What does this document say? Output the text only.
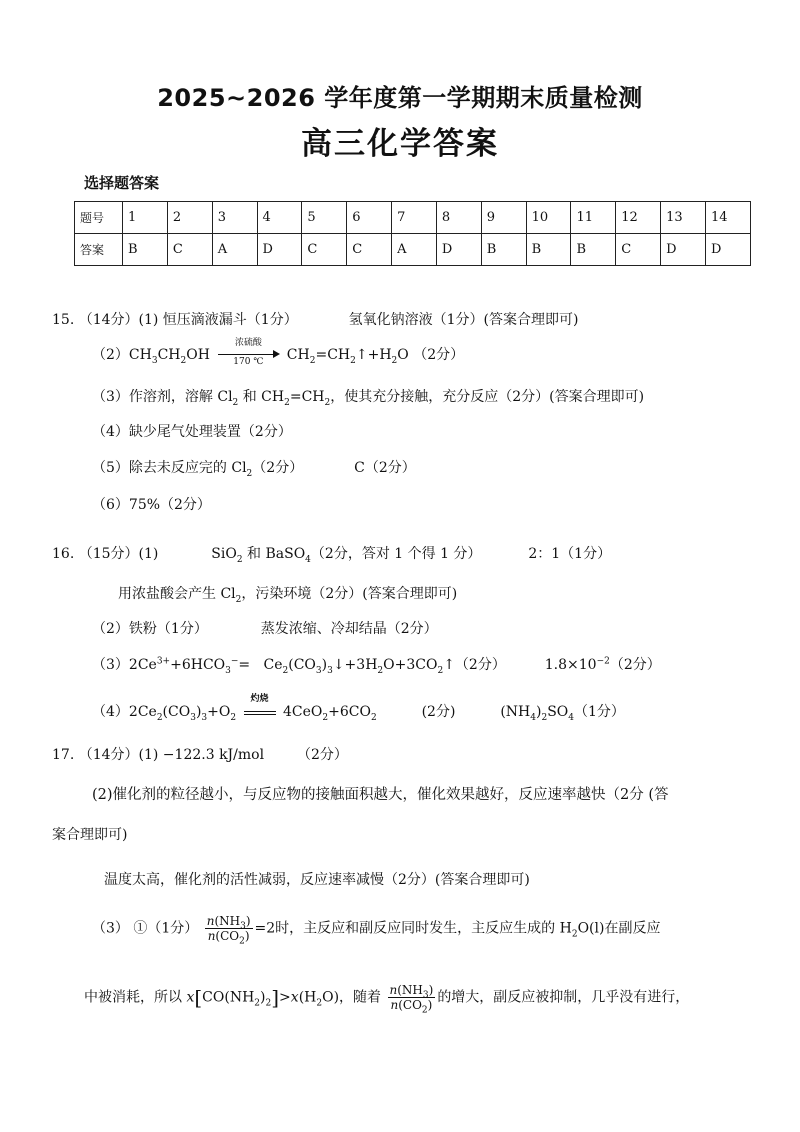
2025~2026 学年度第一学期期末质量检测
高三化学答案
选择题答案
题号	1	2	3	4	5	6	7	8	9	10	11	12	13	14
答案	B	C	A	D	C	C	A	D	B	B	B	C	D	D
15. （14分）(1) 恒压滴液漏斗（1分）	氢氧化钠溶液（1分）(答案合理即可)
$(2)CH_3CH_2OH$
浓硫酸
170 ℃	$CH_2=CH_2↑+H_2O$ （2分）
（3）作溶剂，溶解 $Cl_2$ 和 $CH_2=CH_2$，使其充分接触，充分反应（2分）(答案合理即可)
（4）缺少尾气处理装置（2分）
（5）除去未反应完的 $Cl_2(2$分）	C（2分）
（6）75%（2分）
16. （15分）(1)	SiO$_2$ 和 BaSO$_4$（2分，答对 1 个得 1 分）	2：1（1分）
用浓盐酸会产生 $Cl_2$，污染环境（2分）(答案合理即可)
（2）铁粉（1分）	蒸发浓缩、冷却结晶（2分）
$(3)2Ce^{3+}+6HCO_3^-=$   $Ce_2(CO_3)_3↓+3H_2O+3CO_2↑(2$分）  $1.8\times 10^{-2}(2$分）
$(4)2Ce_2(CO_3)_3+O_2$
灼烧
$4CeO_2+6CO_2$	(2分)	$(NH_4)_2SO_4(1$分）
17. （14分）(1) −122.3 kJ/mol （2分）
(2)催化剂的粒径越小，与反应物的接触面积越大，催化效果越好，反应速率越快（2分 (答
案合理即可)
温度太高，催化剂的活性减弱，反应速率减慢（2分）(答案合理即可)
（3） ①（1分） $\frac{n(NH_3)}{n(CO_2)} =2$时，主反应和副反应同时发生，主反应生成的 $H_2O(l)$在副反应
中被消耗，所以 $x[CO(NH_2)_2]>x(H_2O)$，随着 $\frac{n(NH_3)}{n(CO_2)}$ 的增大，副反应被抑制，几乎没有进行，
